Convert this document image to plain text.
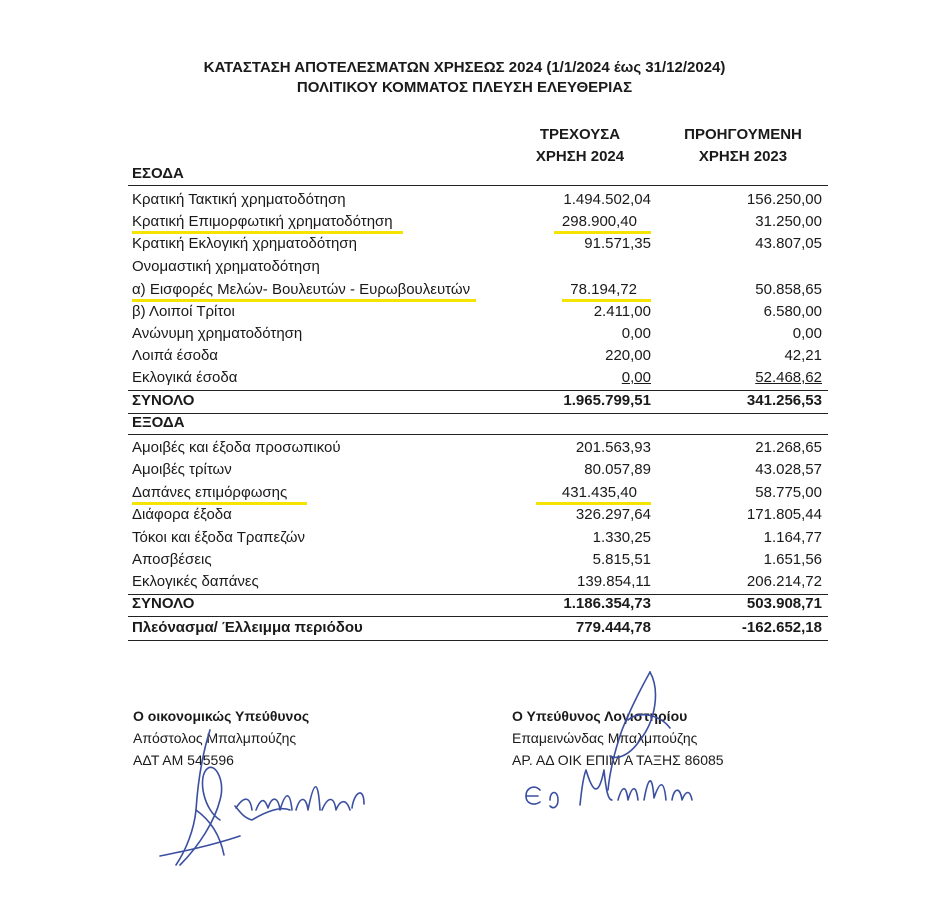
ΚΑΤΑΣΤΑΣΗ ΑΠΟΤΕΛΕΣΜΑΤΩΝ ΧΡΗΣΕΩΣ 2024 (1/1/2024 έως 31/12/2024)
ΠΟΛΙΤΙΚΟΥ ΚΟΜΜΑΤΟΣ ΠΛΕΥΣΗ ΕΛΕΥΘΕΡΙΑΣ
ΤΡΕΧΟΥΣΑ
ΧΡΗΣΗ 2024
ΠΡΟΗΓΟΥΜΕΝΗ
ΧΡΗΣΗ 2023
ΕΣΟΔΑ
Κρατική Τακτική χρηματοδότηση	1.494.502,04	156.250,00
Κρατική Επιμορφωτική χρηματοδότηση	298.900,40	31.250,00
Κρατική Εκλογική χρηματοδότηση	91.571,35	43.807,05
Ονομαστική χρηματοδότηση
α) Εισφορές Μελών- Βουλευτών - Ευρωβουλευτών	78.194,72	50.858,65
β) Λοιποί Τρίτοι	2.411,00	6.580,00
Ανώνυμη χρηματοδότηση	0,00	0,00
Λοιπά έσοδα	220,00	42,21
Εκλογικά έσοδα	0,00	52.468,62
ΣΥΝΟΛΟ	1.965.799,51	341.256,53
ΕΞΟΔΑ
Αμοιβές και έξοδα προσωπικού	201.563,93	21.268,65
Αμοιβές τρίτων	80.057,89	43.028,57
Δαπάνες επιμόρφωσης	431.435,40	58.775,00
Διάφορα έξοδα	326.297,64	171.805,44
Τόκοι και έξοδα Τραπεζών	1.330,25	1.164,77
Αποσβέσεις	5.815,51	1.651,56
Εκλογικές δαπάνες	139.854,11	206.214,72
ΣΥΝΟΛΟ	1.186.354,73	503.908,71
Πλεόνασμα/ Έλλειμμα περιόδου	779.444,78	-162.652,18
Ο οικονομικώς Υπεύθυνος
Απόστολος Μπαλμπούζης
ΑΔΤ ΑΜ 545596
Ο Υπεύθυνος Λογιστηρίου
Επαμεινώνδας Μπαλμπούζης
ΑΡ. ΑΔ ΟΙΚ ΕΠΙΜ Α ΤΑΞΗΣ 86085
